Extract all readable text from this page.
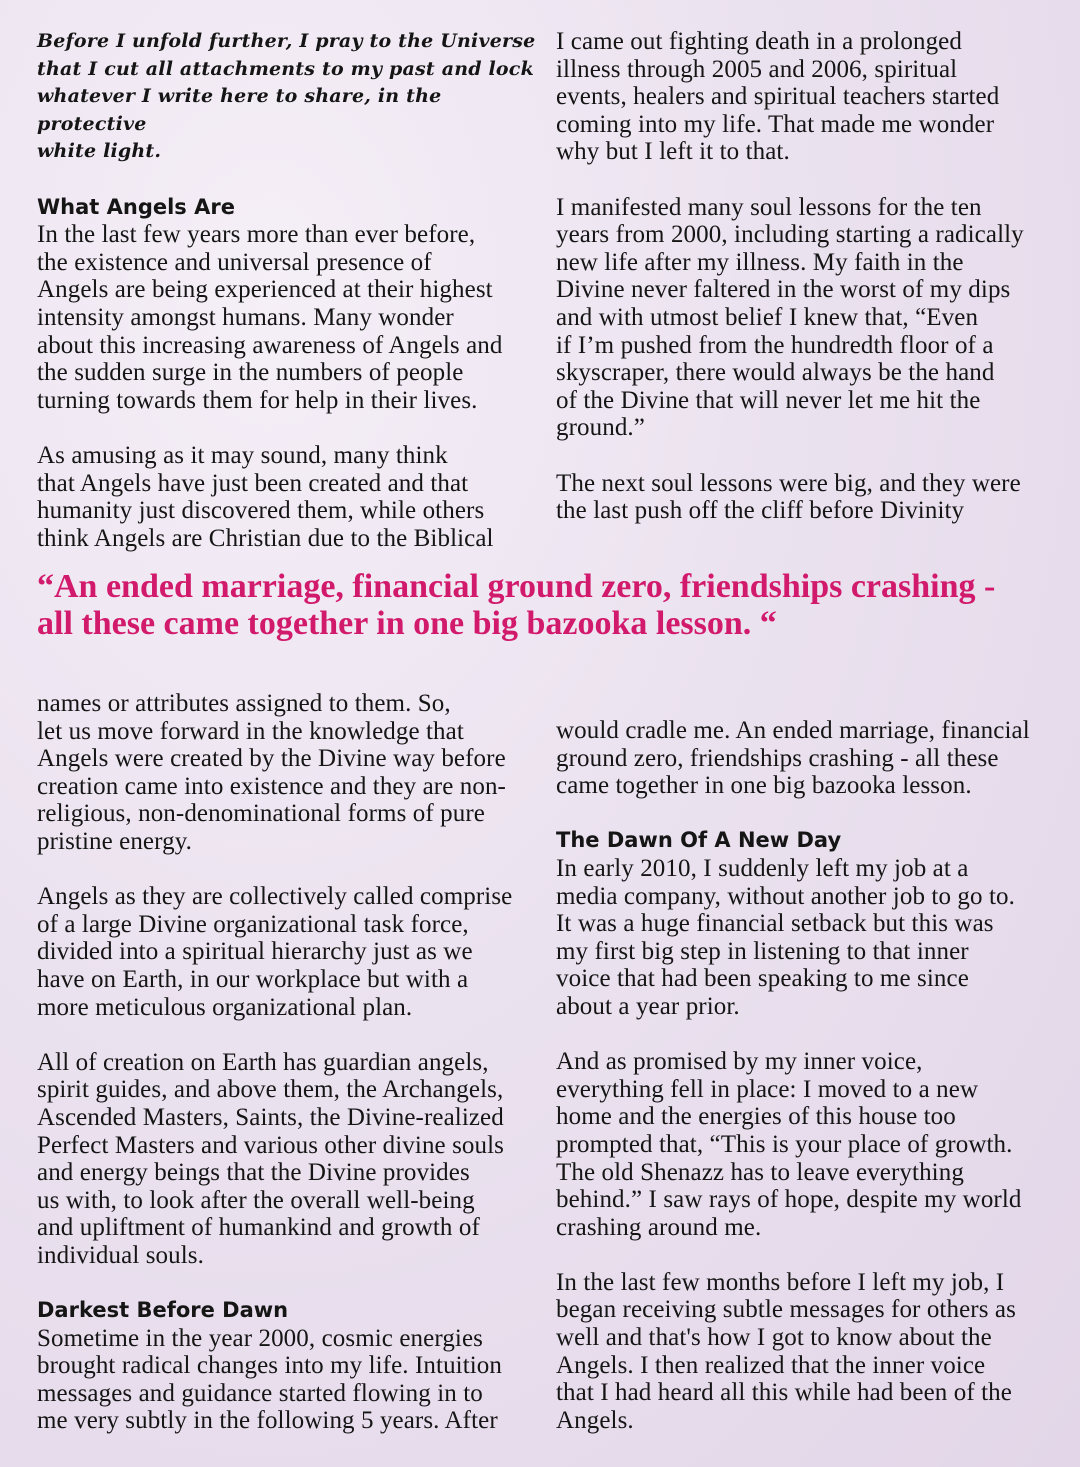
Before I unfold further, I pray to the Universe
that I cut all attachments to my past and lock
whatever I write here to share, in the protective
white light.

What Angels Are

In the last few years more than ever before,
the existence and universal presence of
Angels are being experienced at their highest
intensity amongst humans. Many wonder
about this increasing awareness of Angels and
the sudden surge in the numbers of people
turning towards them for help in their lives.

As amusing as it may sound, many think
that Angels have just been created and that
humanity just discovered them, while others
think Angels are Christian due to the Biblical

I came out fighting death in a prolonged
illness through 2005 and 2006, spiritual
events, healers and spiritual teachers started
coming into my life. That made me wonder
why but I left it to that.

I manifested many soul lessons for the ten
years from 2000, including starting a radically
new life after my illness. My faith in the
Divine never faltered in the worst of my dips
and with utmost belief I knew that, “Even
if I’m pushed from the hundredth floor of a
skyscraper, there would always be the hand
of the Divine that will never let me hit the
ground.”

The next soul lessons were big, and they were
the last push off the cliff before Divinity

“An ended marriage, financial ground zero, friendships crashing -
all these came together in one big bazooka lesson. “

names or attributes assigned to them. So,
let us move forward in the knowledge that
Angels were created by the Divine way before
creation came into existence and they are non-
religious, non-denominational forms of pure
pristine energy.

Angels as they are collectively called comprise
of a large Divine organizational task force,
divided into a spiritual hierarchy just as we
have on Earth, in our workplace but with a
more meticulous organizational plan.

All of creation on Earth has guardian angels,
spirit guides, and above them, the Archangels,
Ascended Masters, Saints, the Divine-realized
Perfect Masters and various other divine souls
and energy beings that the Divine provides
us with, to look after the overall well-being
and upliftment of humankind and growth of
individual souls.

Darkest Before Dawn

Sometime in the year 2000, cosmic energies
brought radical changes into my life. Intuition
messages and guidance started flowing in to
me very subtly in the following 5 years. After

would cradle me. An ended marriage, financial
ground zero, friendships crashing - all these
came together in one big bazooka lesson.

The Dawn Of A New Day

In early 2010, I suddenly left my job at a
media company, without another job to go to.
It was a huge financial setback but this was
my first big step in listening to that inner
voice that had been speaking to me since
about a year prior.

And as promised by my inner voice,
everything fell in place: I moved to a new
home and the energies of this house too
prompted that, “This is your place of growth.
The old Shenazz has to leave everything
behind.” I saw rays of hope, despite my world
crashing around me.

In the last few months before I left my job, I
began receiving subtle messages for others as
well and that's how I got to know about the
Angels. I then realized that the inner voice
that I had heard all this while had been of the
Angels.
